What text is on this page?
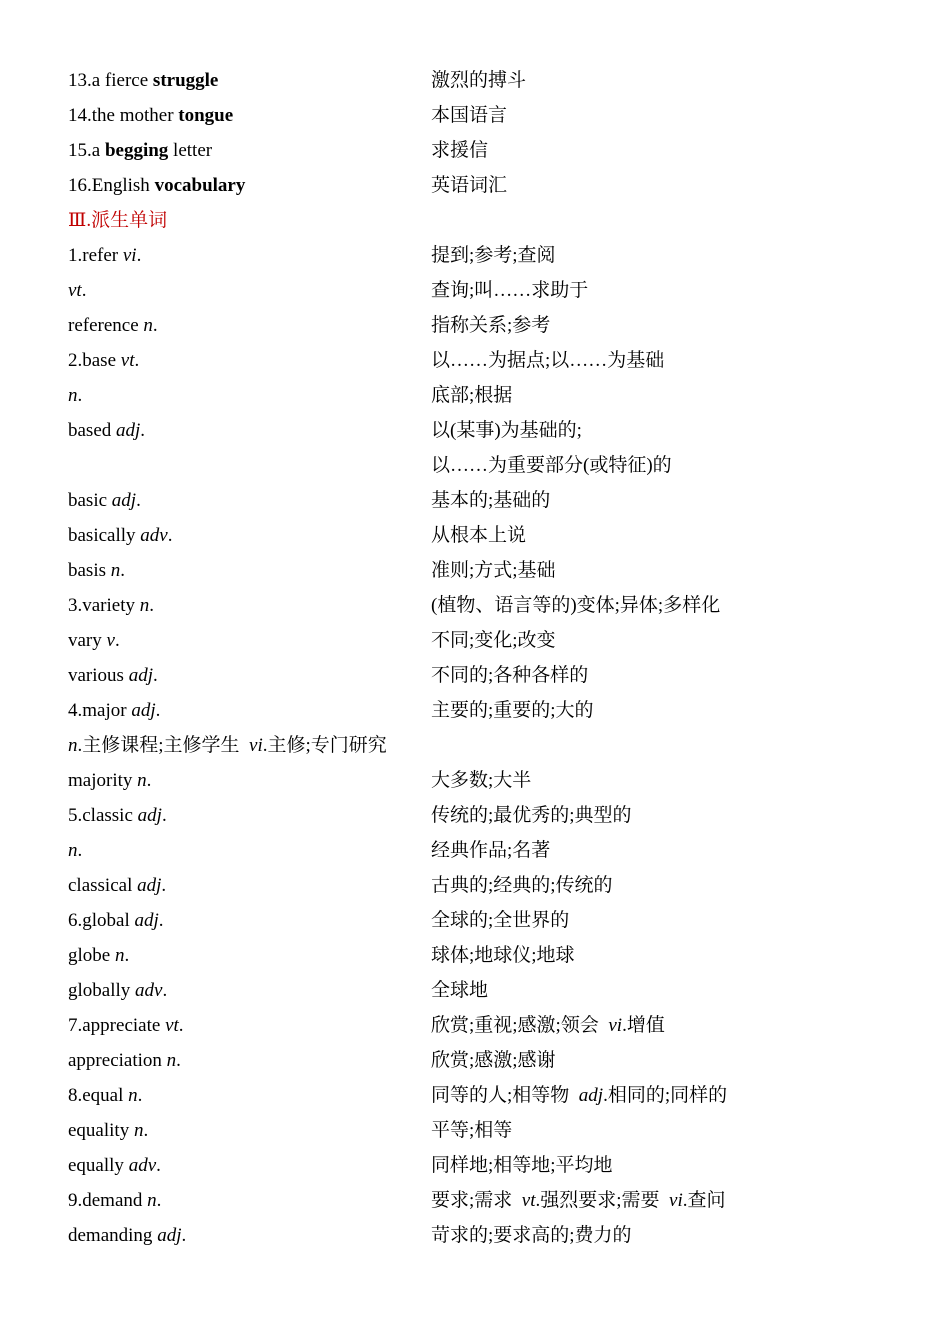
13.a fierce struggle	激烈的搏斗
14.the mother tongue	本国语言
15.a begging letter	求援信
16.English vocabulary	英语词汇
Ⅲ.派生单词
1.refer vi.	提到;参考;查阅
vt.	查询;叫……求助于
reference n.	指称关系;参考
2.base vt.	以……为据点;以……为基础
n.	底部;根据
based adj.	以(某事)为基础的;
以……为重要部分(或特征)的
basic adj.	基本的;基础的
basically adv.	从根本上说
basis n.	准则;方式;基础
3.variety n.	(植物、语言等的)变体;异体;多样化
vary v.	不同;变化;改变
various adj.	不同的;各种各样的
4.major adj.	主要的;重要的;大的
n.主修课程;主修学生 vi.主修;专门研究
majority n.	大多数;大半
5.classic adj.	传统的;最优秀的;典型的
n.	经典作品;名著
classical adj.	古典的;经典的;传统的
6.global adj.	全球的;全世界的
globe n.	球体;地球仪;地球
globally adv.	全球地
7.appreciate vt.	欣赏;重视;感激;领会 vi.增值
appreciation n.	欣赏;感激;感谢
8.equal n.	同等的人;相等物 adj.相同的;同样的
equality n.	平等;相等
equally adv.	同样地;相等地;平均地
9.demand n.	要求;需求 vt.强烈要求;需要 vi.查问
demanding adj.	苛求的;要求高的;费力的
